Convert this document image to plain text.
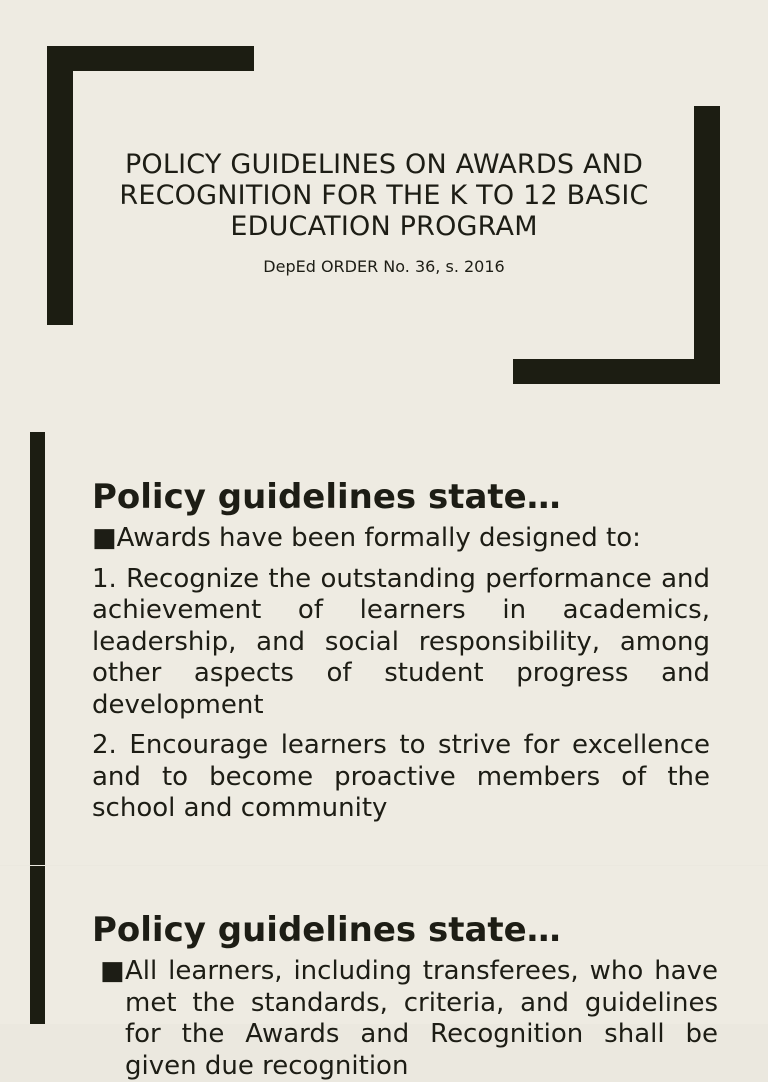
POLICY GUIDELINES ON AWARDS AND RECOGNITION FOR THE K TO 12 BASIC EDUCATION PROGRAM

DepEd ORDER No. 36, s. 2016

Policy guidelines state…

■Awards have been formally designed to:

1. Recognize the outstanding performance and achievement of learners in academics, leadership, and social responsibility, among other aspects of student progress and development

2. Encourage learners to strive for excellence and to become proactive members of the school and community

Policy guidelines state…

■All learners, including transferees, who have met the standards, criteria, and guidelines for the Awards and Recognition shall be given due recognition
